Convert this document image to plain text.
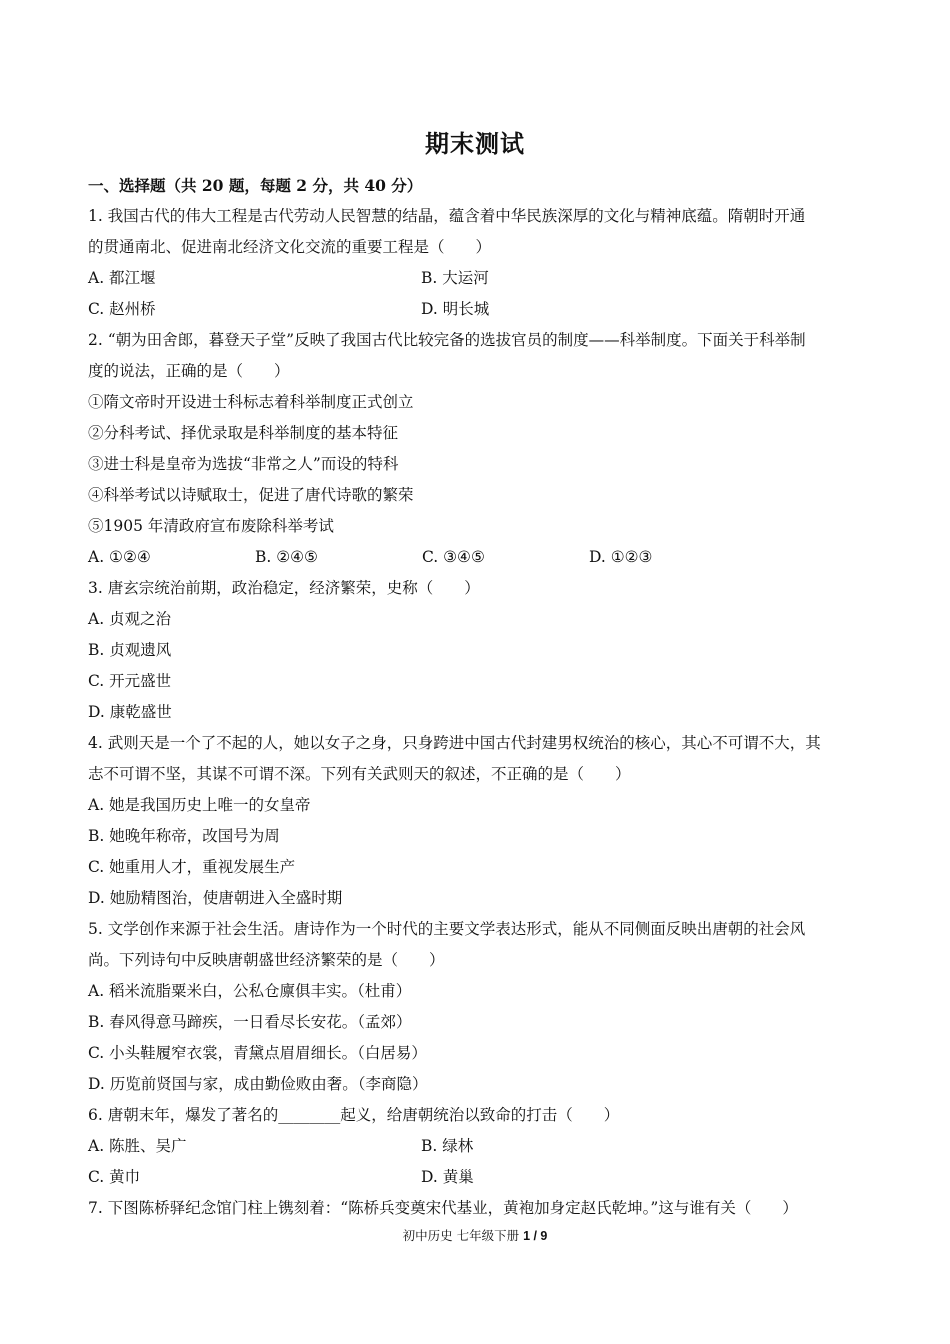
期末测试
一、选择题（共 20 题，每题 2 分，共 40 分）
1. 我国古代的伟大工程是古代劳动人民智慧的结晶，蕴含着中华民族深厚的文化与精神底蕴。隋朝时开通
的贯通南北、促进南北经济文化交流的重要工程是（　　）
A. 都江堰	B. 大运河
C. 赵州桥	D. 明长城
2. “朝为田舍郎，暮登天子堂”反映了我国古代比较完备的选拔官员的制度——科举制度。下面关于科举制
度的说法，正确的是（　　）
①隋文帝时开设进士科标志着科举制度正式创立
②分科考试、择优录取是科举制度的基本特征
③进士科是皇帝为选拔“非常之人”而设的特科
④科举考试以诗赋取士，促进了唐代诗歌的繁荣
⑤1905 年清政府宣布废除科举考试
A. ①②④	B. ②④⑤	C. ③④⑤	D. ①②③
3. 唐玄宗统治前期，政治稳定，经济繁荣，史称（　　）
A. 贞观之治
B. 贞观遗风
C. 开元盛世
D. 康乾盛世
4. 武则天是一个了不起的人，她以女子之身，只身跨进中国古代封建男权统治的核心，其心不可谓不大，其
志不可谓不坚，其谋不可谓不深。下列有关武则天的叙述，不正确的是（　　）
A. 她是我国历史上唯一的女皇帝
B. 她晚年称帝，改国号为周
C. 她重用人才，重视发展生产
D. 她励精图治，使唐朝进入全盛时期
5. 文学创作来源于社会生活。唐诗作为一个时代的主要文学表达形式，能从不同侧面反映出唐朝的社会风
尚。下列诗句中反映唐朝盛世经济繁荣的是（　　）
A. 稻米流脂粟米白，公私仓廪俱丰实。（杜甫）
B. 春风得意马蹄疾，一日看尽长安花。（孟郊）
C. 小头鞋履窄衣裳，青黛点眉眉细长。（白居易）
D. 历览前贤国与家，成由勤俭败由奢。（李商隐）
6. 唐朝末年，爆发了著名的________起义，给唐朝统治以致命的打击（　　）
A. 陈胜、吴广	B. 绿林
C. 黄巾	D. 黄巢
7. 下图陈桥驿纪念馆门柱上镌刻着：“陈桥兵变奠宋代基业，黄袍加身定赵氏乾坤。”这与谁有关（　　）
初中历史 七年级下册 1 / 9
